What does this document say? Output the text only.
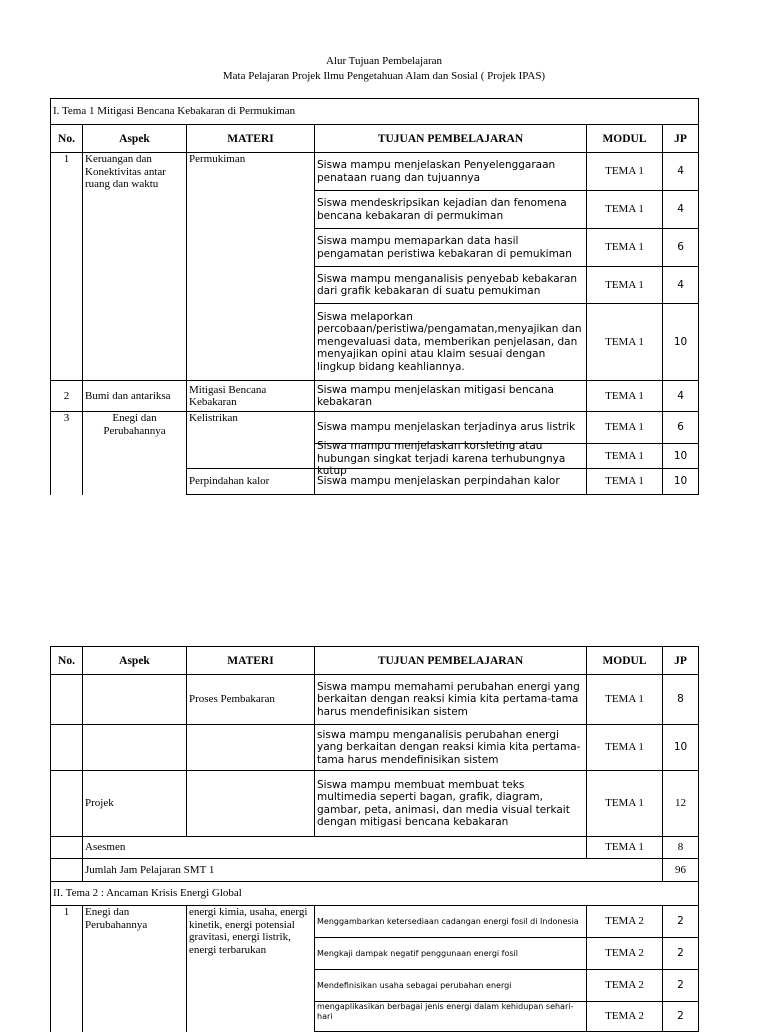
Alur Tujuan Pembelajaran
Mata Pelajaran Projek Ilmu Pengetahuan Alam dan Sosial ( Projek IPAS)
I. Tema 1 Mitigasi Bencana Kebakaran di Permukiman					
No.	Aspek	MATERI	TUJUAN PEMBELAJARAN	MODUL	JP
1	Keruangan dan Konektivitas antar ruang dan waktu	Permukiman	Siswa mampu menjelaskan Penyelenggaraan penataan ruang dan tujuannya	TEMA 1	4
			Siswa mendeskripsikan kejadian dan fenomena bencana kebakaran di permukiman	TEMA 1	4
			Siswa mampu memaparkan data hasil pengamatan peristiwa kebakaran di pemukiman	TEMA 1	6
			Siswa mampu menganalisis penyebab kebakaran dari grafik kebakaran di suatu pemukiman	TEMA 1	4
			Siswa melaporkan percobaan/peristiwa/pengamatan,menyajikan dan mengevaluasi data, memberikan penjelasan, dan menyajikan opini atau klaim sesuai dengan lingkup bidang keahliannya.	TEMA 1	10
2	Bumi dan antariksa	Mitigasi Bencana Kebakaran	Siswa mampu menjelaskan mitigasi bencana kebakaran	TEMA 1	4
3	Enegi dan Perubahannya	Kelistrikan	Siswa mampu menjelaskan terjadinya arus listrik	TEMA 1	6

			Siswa mampu menjelaskan korsleting atau hubungan singkat terjadi karena terhubungnya kutup	TEMA 1	10
		Perpindahan kalor	Siswa mampu menjelaskan perpindahan kalor	TEMA 1	10
No.	Aspek	MATERI	TUJUAN PEMBELAJARAN	MODUL	JP
		Proses Pembakaran	Siswa mampu memahami perubahan energi yang berkaitan dengan reaksi kimia kita pertama-tama harus mendefinisikan sistem	TEMA 1	8
			siswa mampu menganalisis perubahan energi yang berkaitan dengan reaksi kimia kita pertama-tama harus mendefinisikan sistem	TEMA 1	10
	Projek		Siswa mampu membuat membuat teks multimedia seperti bagan, grafik, diagram, gambar, peta, animasi, dan media visual terkait dengan mitigasi bencana kebakaran	TEMA 1	12
	Asesmen			TEMA 1	8
	Jumlah Jam Pelajaran SMT 1				96
II. Tema 2 : Ancaman Krisis Energi Global					
1	Enegi dan Perubahannya	energi kimia, usaha, energi kinetik, energi potensial gravitasi, energi listrik, energi terbarukan	Menggambarkan ketersediaan cadangan energi fosil di Indonesia	TEMA 2	2
			Mengkaji dampak negatif penggunaan energi fosil	TEMA 2	2
			Mendefinisikan usaha sebagai perubahan energi	TEMA 2	2
			mengaplikasikan berbagai jenis energi dalam kehidupan sehari-hari	TEMA 2	2
